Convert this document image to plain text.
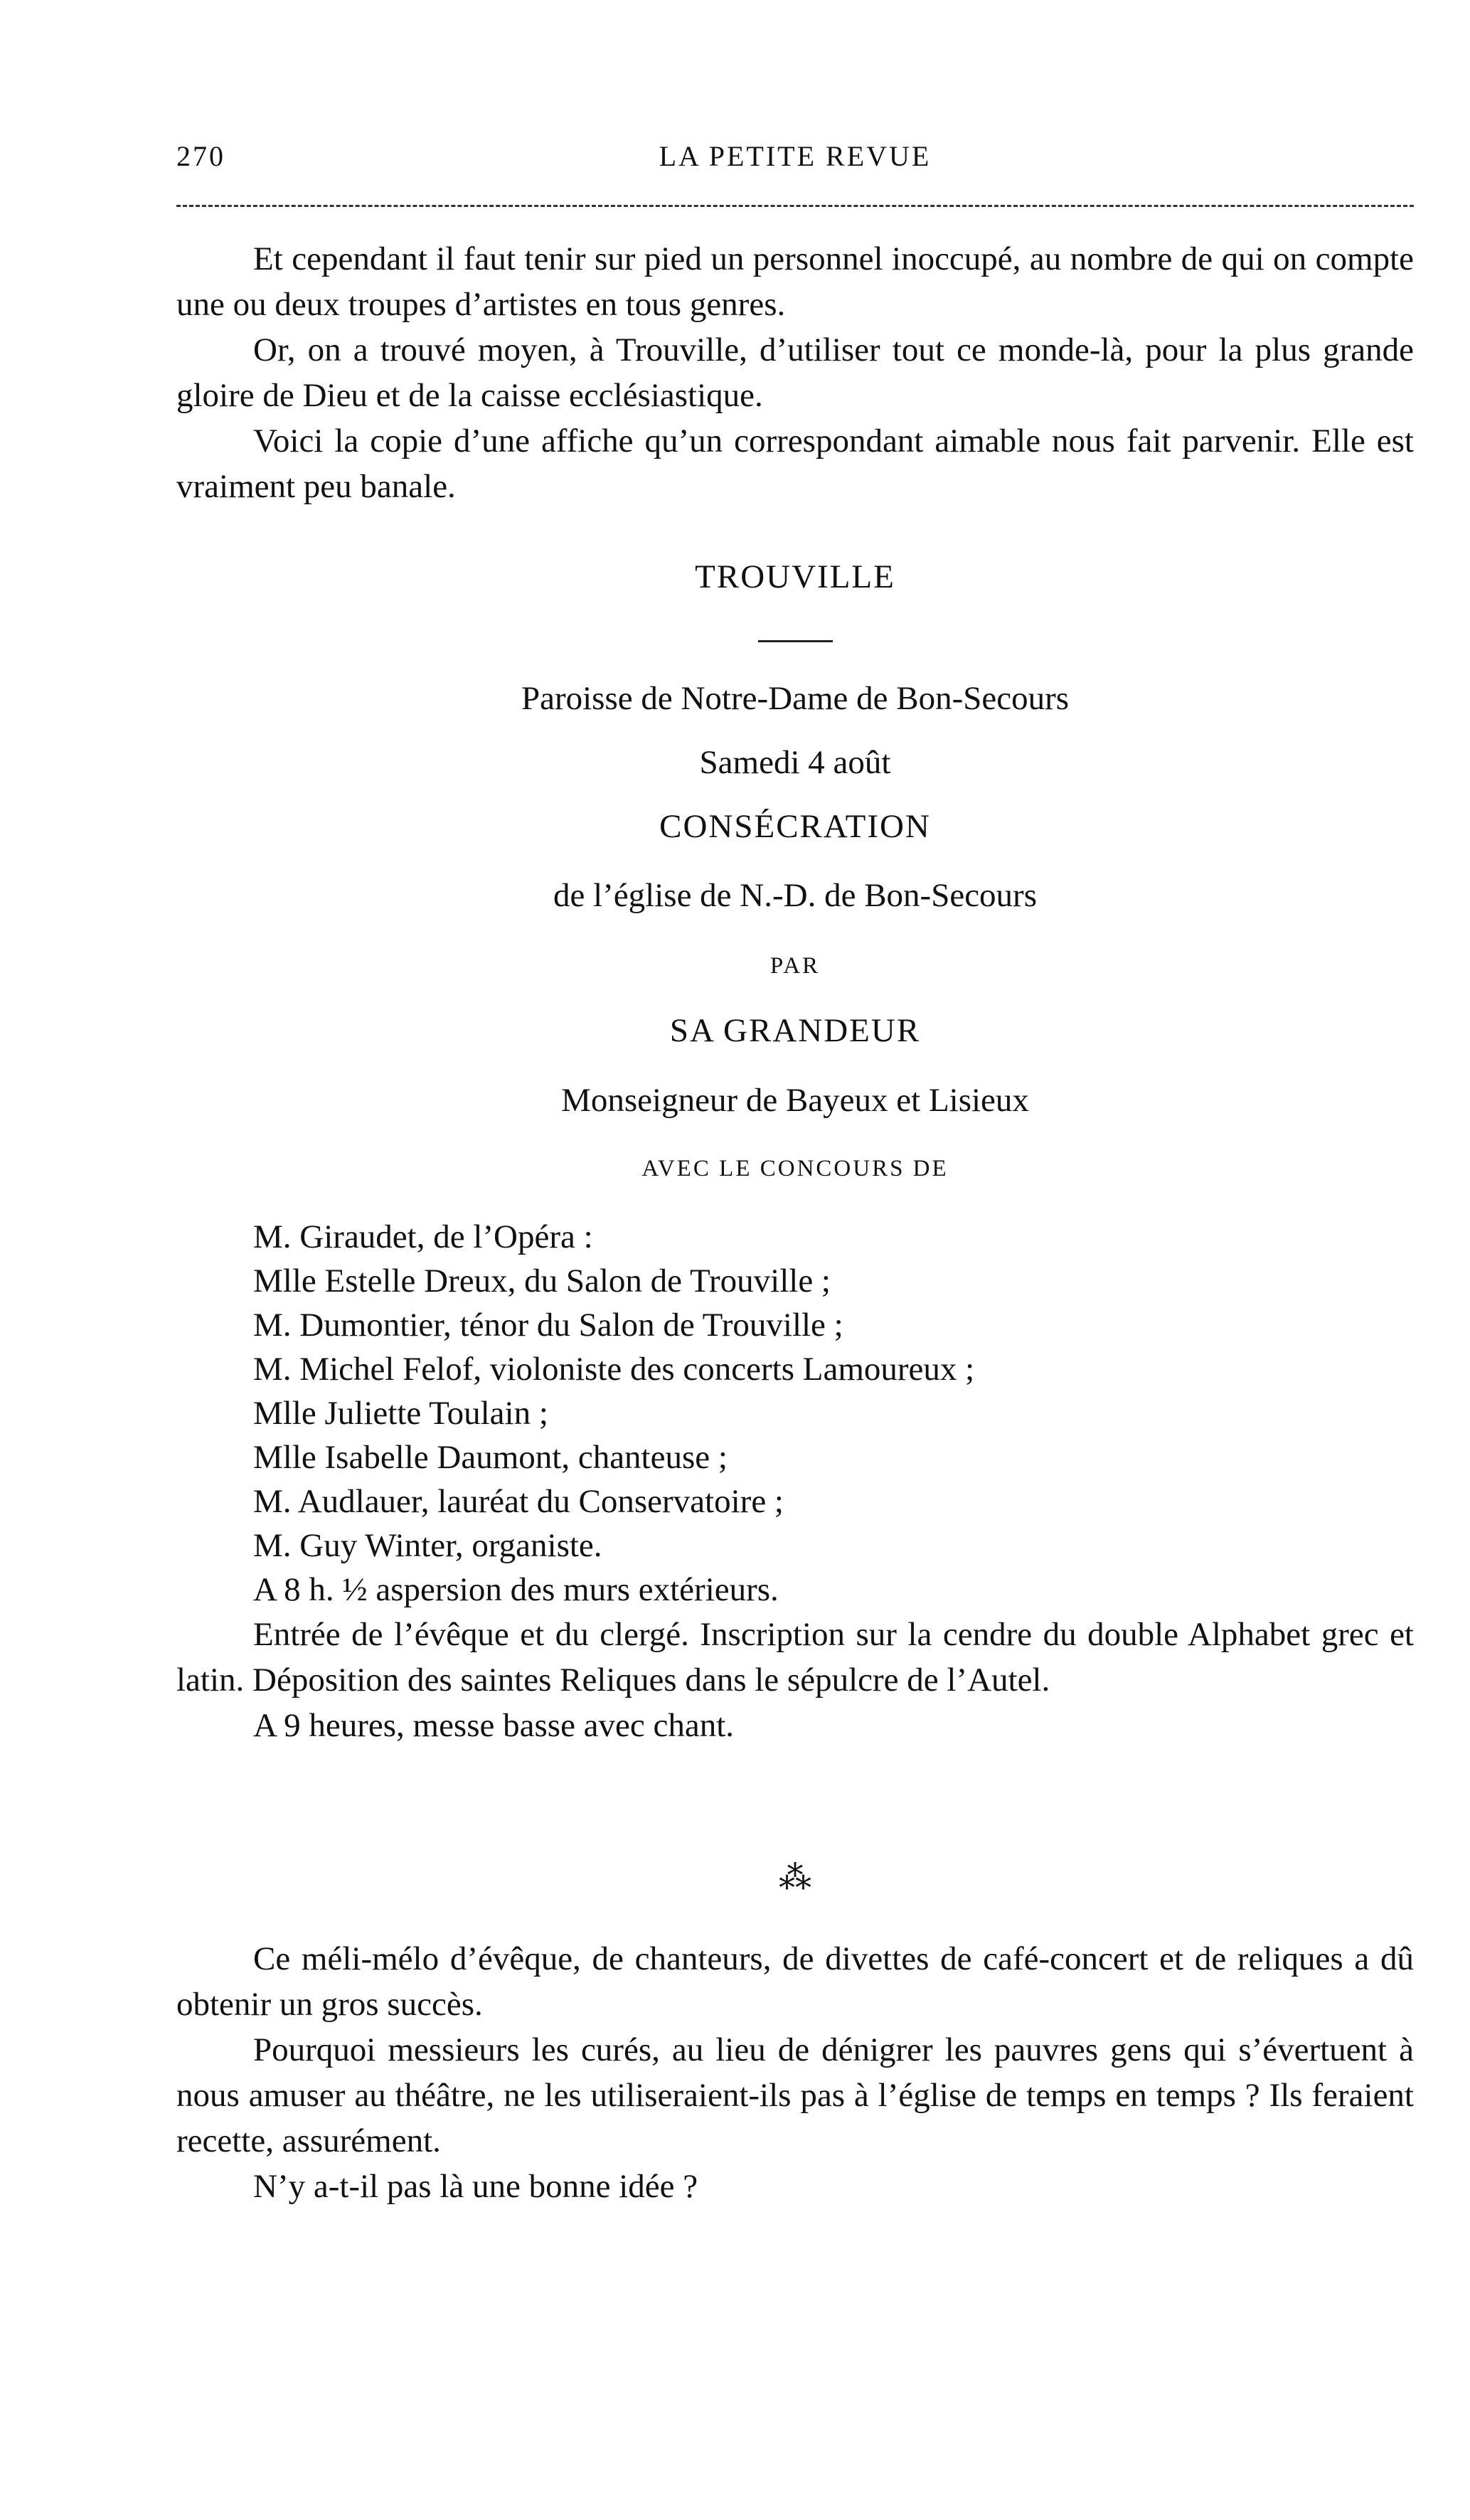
270	LA PETITE REVUE

Et cependant il faut tenir sur pied un personnel inoccupé, au nombre de qui on compte une ou deux troupes d’artistes en tous genres.

Or, on a trouvé moyen, à Trouville, d’utiliser tout ce monde-là, pour la plus grande gloire de Dieu et de la caisse ecclésiastique.

Voici la copie d’une affiche qu’un correspondant aimable nous fait parvenir. Elle est vraiment peu banale.

TROUVILLE
Paroisse de Notre-Dame de Bon-Secours
Samedi 4 août
CONSÉCRATION
de l’église de N.-D. de Bon-Secours
PAR
SA GRANDEUR
Monseigneur de Bayeux et Lisieux
AVEC LE CONCOURS DE
M. Giraudet, de l’Opéra :
Mlle Estelle Dreux, du Salon de Trouville ;
M. Dumontier, ténor du Salon de Trouville ;
M. Michel Felof, violoniste des concerts Lamoureux ;
Mlle Juliette Toulain ;
Mlle Isabelle Daumont, chanteuse ;
M. Audlauer, lauréat du Conservatoire ;
M. Guy Winter, organiste.
A 8 h. ½ aspersion des murs extérieurs.

Entrée de l’évêque et du clergé. Inscription sur la cendre du double Alphabet grec et latin. Déposition des saintes Reliques dans le sépulcre de l’Autel.

A 9 heures, messe basse avec chant.

⁂

Ce méli-mélo d’évêque, de chanteurs, de divettes de café-concert et de reliques a dû obtenir un gros succès.

Pourquoi messieurs les curés, au lieu de dénigrer les pauvres gens qui s’évertuent à nous amuser au théâtre, ne les utiliseraient-ils pas à l’église de temps en temps ? Ils feraient recette, assurément.

N’y a-t-il pas là une bonne idée ?
